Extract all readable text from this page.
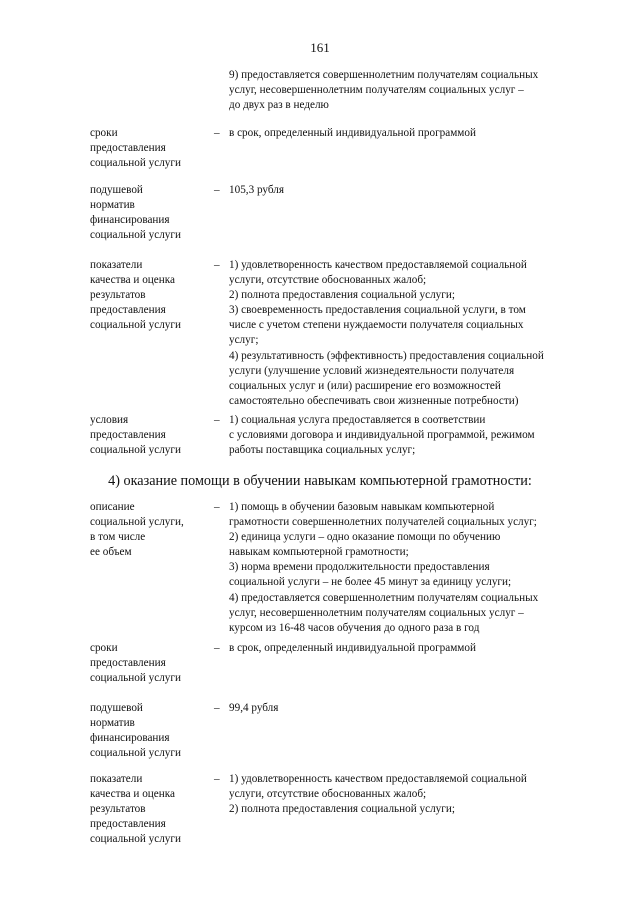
161
9) предоставляется совершеннолетним получателям социальных
услуг, несовершеннолетним получателям социальных услуг –
до двух раз в неделю
сроки
предоставления
социальной услуги
– в срок, определенный индивидуальной программой
подушевой
норматив
финансирования
социальной услуги
– 105,3 рубля
показатели
качества и оценка
результатов
предоставления
социальной услуги
– 1) удовлетворенность качеством предоставляемой социальной
услуги, отсутствие обоснованных жалоб;
2) полнота предоставления социальной услуги;
3) своевременность предоставления социальной услуги, в том
числе с учетом степени нуждаемости получателя социальных
услуг;
4) результативность (эффективность) предоставления социальной
услуги (улучшение условий жизнедеятельности получателя
социальных услуг и (или) расширение его возможностей
самостоятельно обеспечивать свои жизненные потребности)
условия
предоставления
социальной услуги
– 1) социальная услуга предоставляется в соответствии
с условиями договора и индивидуальной программой, режимом
работы поставщика социальных услуг;
4) оказание помощи в обучении навыкам компьютерной грамотности:
описание
социальной услуги,
в том числе
ее объем
– 1) помощь в обучении базовым навыкам компьютерной
грамотности совершеннолетних получателей социальных услуг;
2) единица услуги – одно оказание помощи по обучению
навыкам компьютерной грамотности;
3) норма времени продолжительности предоставления
социальной услуги – не более 45 минут за единицу услуги;
4) предоставляется совершеннолетним получателям социальных
услуг, несовершеннолетним получателям социальных услуг –
курсом из 16-48 часов обучения до одного раза в год
сроки
предоставления
социальной услуги
– в срок, определенный индивидуальной программой
подушевой
норматив
финансирования
социальной услуги
– 99,4 рубля
показатели
качества и оценка
результатов
предоставления
социальной услуги
– 1) удовлетворенность качеством предоставляемой социальной
услуги, отсутствие обоснованных жалоб;
2) полнота предоставления социальной услуги;
